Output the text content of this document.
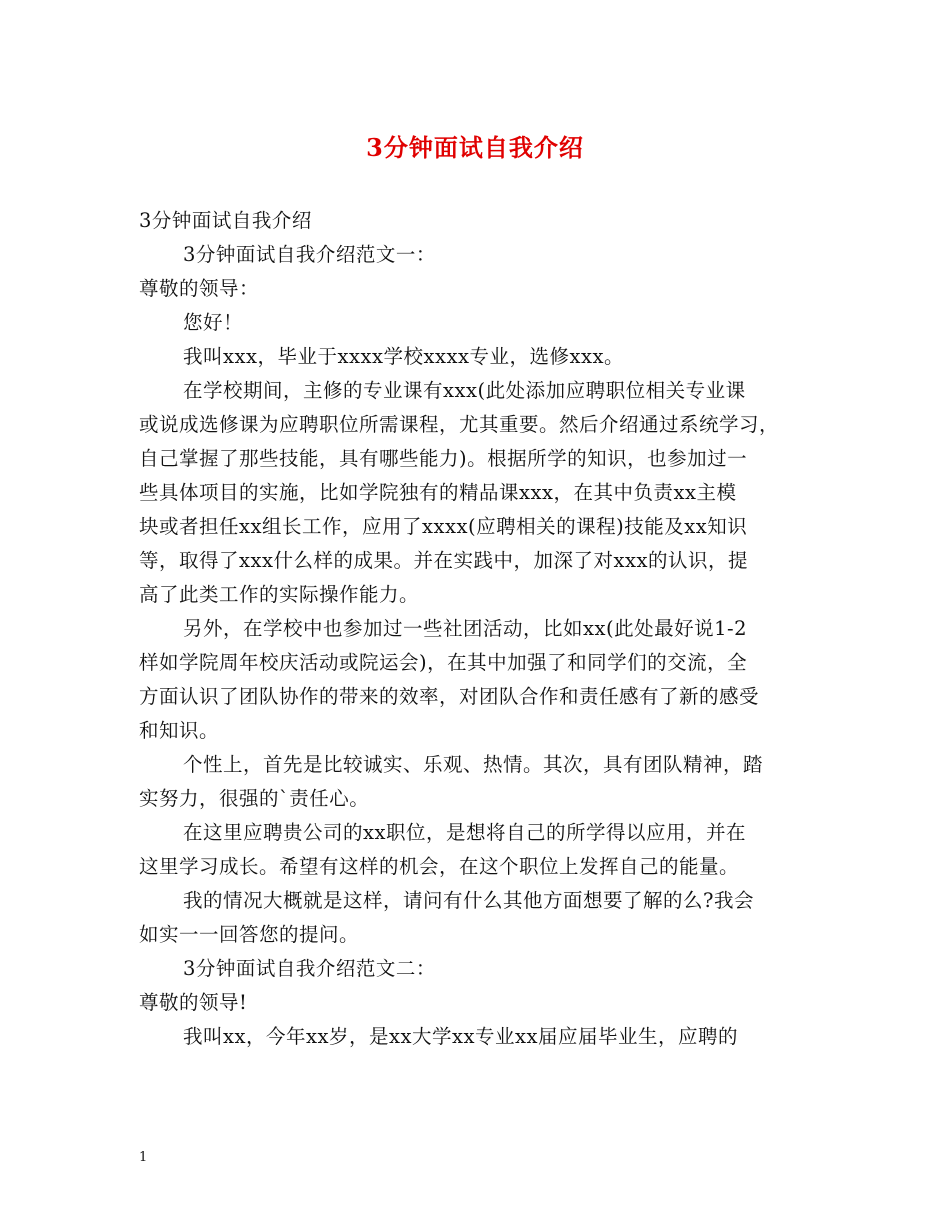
3分钟面试自我介绍
3分钟面试自我介绍
3分钟面试自我介绍范文一：
尊敬的领导：
您好！
我叫xxx，毕业于xxxx学校xxxx专业，选修xxx。
在学校期间，主修的专业课有xxx(此处添加应聘职位相关专业课
或说成选修课为应聘职位所需课程，尤其重要。然后介绍通过系统学习，
自己掌握了那些技能，具有哪些能力)。根据所学的知识，也参加过一
些具体项目的实施，比如学院独有的精品课xxx，在其中负责xx主模
块或者担任xx组长工作，应用了xxxx(应聘相关的课程)技能及xx知识
等，取得了xxx什么样的成果。并在实践中，加深了对xxx的认识，提
高了此类工作的实际操作能力。
另外，在学校中也参加过一些社团活动，比如xx(此处最好说1-2
样如学院周年校庆活动或院运会)，在其中加强了和同学们的交流，全
方面认识了团队协作的带来的效率，对团队合作和责任感有了新的感受
和知识。
个性上，首先是比较诚实、乐观、热情。其次，具有团队精神，踏
实努力，很强的`责任心。
在这里应聘贵公司的xx职位，是想将自己的所学得以应用，并在
这里学习成长。希望有这样的机会，在这个职位上发挥自己的能量。
我的情况大概就是这样，请问有什么其他方面想要了解的么?我会
如实一一回答您的提问。
3分钟面试自我介绍范文二：
尊敬的领导!
我叫xx，今年xx岁，是xx大学xx专业xx届应届毕业生，应聘的
1
